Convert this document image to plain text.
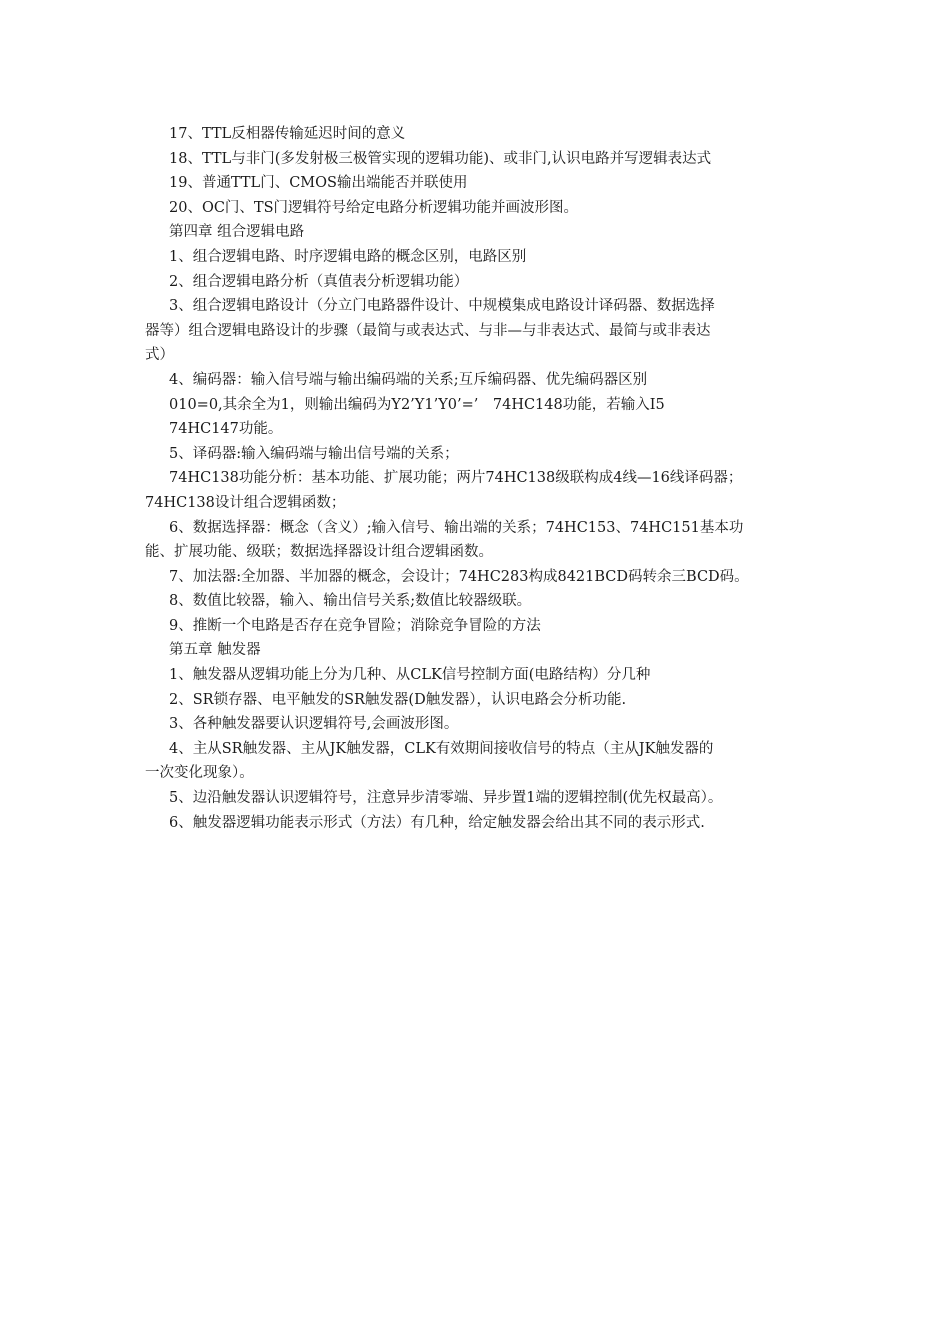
17、TTL反相器传输延迟时间的意义

18、TTL与非门(多发射极三极管实现的逻辑功能)、或非门,认识电路并写逻辑表达式

19、普通TTL门、CMOS输出端能否并联使用

20、OC门、TS门逻辑符号给定电路分析逻辑功能并画波形图。

第四章 组合逻辑电路

1、组合逻辑电路、时序逻辑电路的概念区别，电路区别

2、组合逻辑电路分析（真值表分析逻辑功能）

3、组合逻辑电路设计（分立门电路器件设计、中规模集成电路设计译码器、数据选择

器等）组合逻辑电路设计的步骤（最简与或表达式、与非—与非表达式、最简与或非表达

式）

4、编码器：输入信号端与输出编码端的关系;互斥编码器、优先编码器区别

010=0,其余全为1，则输出编码为Y2’Y1’Y0’=’　74HC148功能，若输入I5

74HC147功能。

5、译码器:输入编码端与输出信号端的关系；

74HC138功能分析：基本功能、扩展功能；两片74HC138级联构成4线—16线译码器；

74HC138设计组合逻辑函数；

6、数据选择器：概念（含义）;输入信号、输出端的关系；74HC153、74HC151基本功

能、扩展功能、级联；数据选择器设计组合逻辑函数。

7、加法器:全加器、半加器的概念，会设计；74HC283构成8421BCD码转余三BCD码。

8、数值比较器，输入、输出信号关系;数值比较器级联。

9、推断一个电路是否存在竞争冒险；消除竞争冒险的方法

第五章 触发器

1、触发器从逻辑功能上分为几种、从CLK信号控制方面(电路结构）分几种

2、SR锁存器、电平触发的SR触发器(D触发器），认识电路会分析功能.

3、各种触发器要认识逻辑符号,会画波形图。

4、主从SR触发器、主从JK触发器，CLK有效期间接收信号的特点（主从JK触发器的

一次变化现象）。

5、边沿触发器认识逻辑符号，注意异步清零端、异步置1端的逻辑控制(优先权最高）。

6、触发器逻辑功能表示形式（方法）有几种，给定触发器会给出其不同的表示形式.
